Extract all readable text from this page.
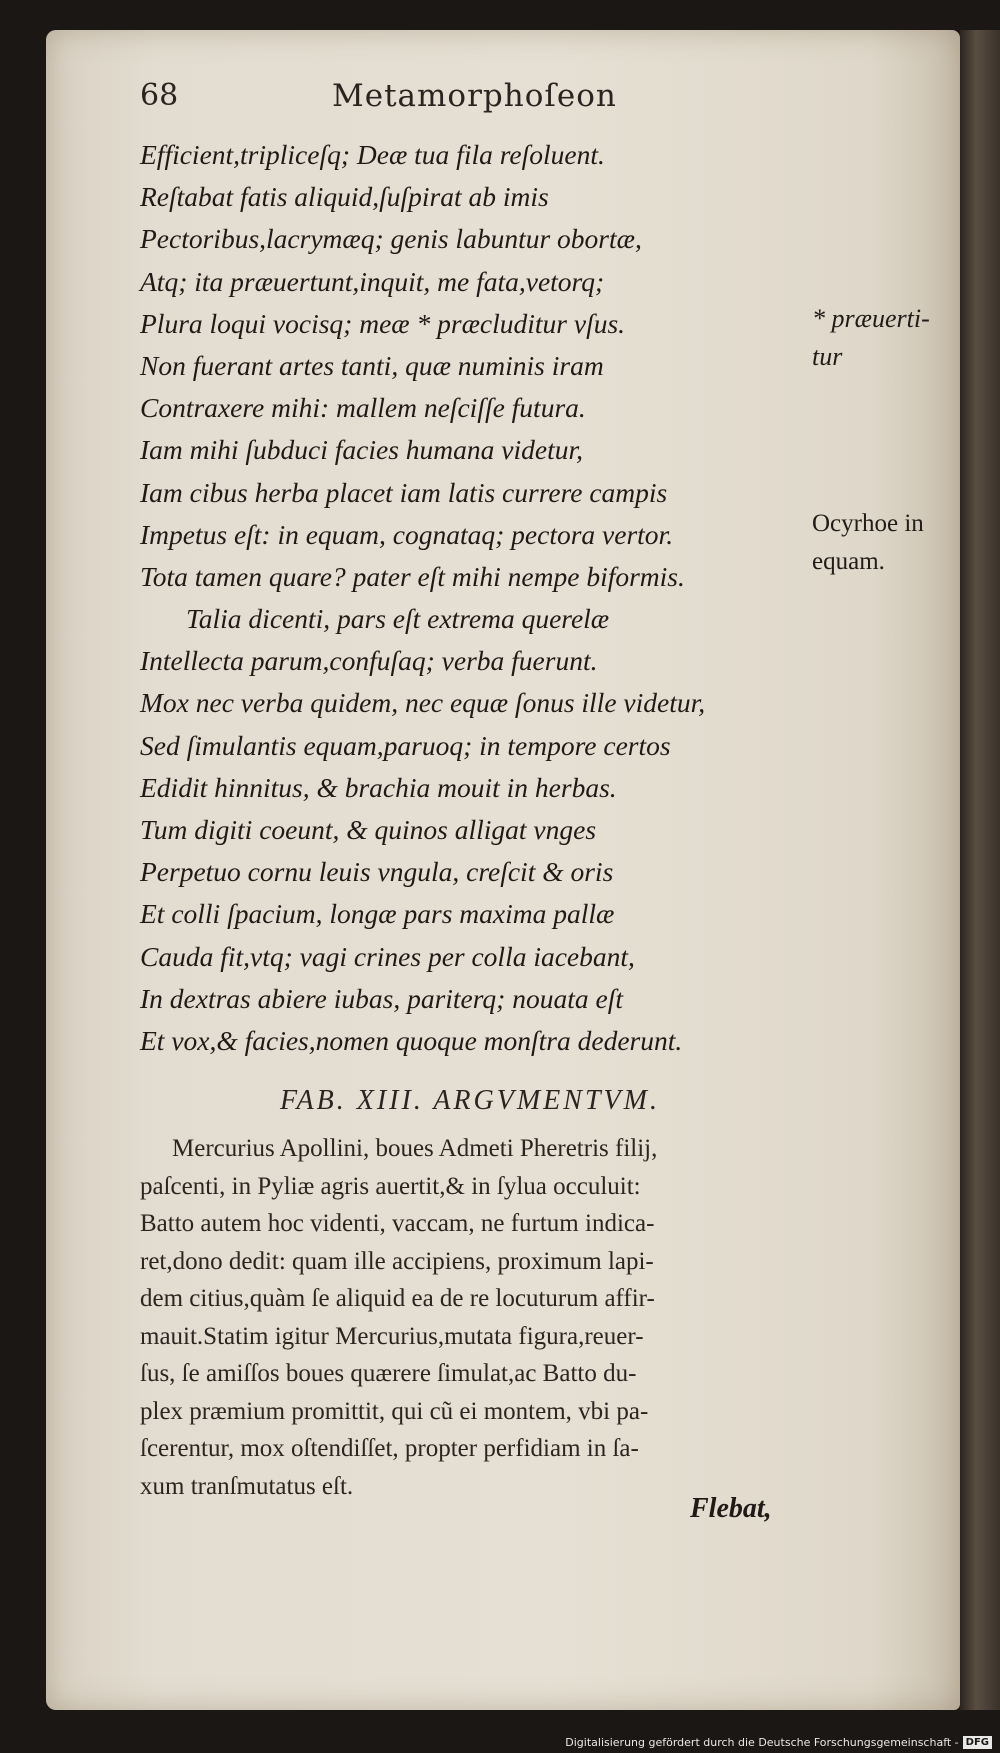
68	Metamorphoſeon
Efficient,tripliceſq; Deæ tua fila reſoluent.
Reſtabat fatis aliquid,ſuſpirat ab imis
Pectoribus,lacrymæq; genis labuntur obortæ,
Atq; ita præuertunt,inquit, me fata,vetorq;
Plura loqui vocisq; meæ * præcluditur vſus.
Non fuerant artes tanti, quæ numinis iram
Contraxere mihi: mallem neſciſſe futura.
Iam mihi ſubduci facies humana videtur,
Iam cibus herba placet iam latis currere campis
Impetus eſt: in equam, cognataq; pectora vertor.
Tota tamen quare? pater eſt mihi nempe biformis.
Talia dicenti, pars eſt extrema querelæ
Intellecta parum,confuſaq; verba fuerunt.
Mox nec verba quidem, nec equæ ſonus ille videtur,
Sed ſimulantis equam,paruoq; in tempore certos
Edidit hinnitus, & brachia mouit in herbas.
Tum digiti coeunt, & quinos alligat vnges
Perpetuo cornu leuis vngula, creſcit & oris
Et colli ſpacium, longæ pars maxima pallæ
Cauda fit,vtq; vagi crines per colla iacebant,
In dextras abiere iubas, pariterq; nouata eſt
Et vox,& facies,nomen quoque monſtra dederunt.
* præuerti-
tur
Ocyrhoe in
equam.
FAB. XIII. ARGVMENTVM.

Mercurius Apollini, boues Admeti Pheretris filij,
paſcenti, in Pyliæ agris auertit,& in ſylua occuluit:
Batto autem hoc videnti, vaccam, ne furtum indica-
ret,dono dedit: quam ille accipiens, proximum lapi-
dem citius,quàm ſe aliquid ea de re locuturum affir-
mauit.Statim igitur Mercurius,mutata figura,reuer-
ſus, ſe amiſſos boues quærere ſimulat,ac Batto du-
plex præmium promittit, qui cũ ei montem, vbi pa-
ſcerentur, mox oſtendiſſet, propter perfidiam in ſa-
xum tranſmutatus eſt.

Flebat,
Digitalisierung gefördert durch die Deutsche Forschungsgemeinschaft - DFG
